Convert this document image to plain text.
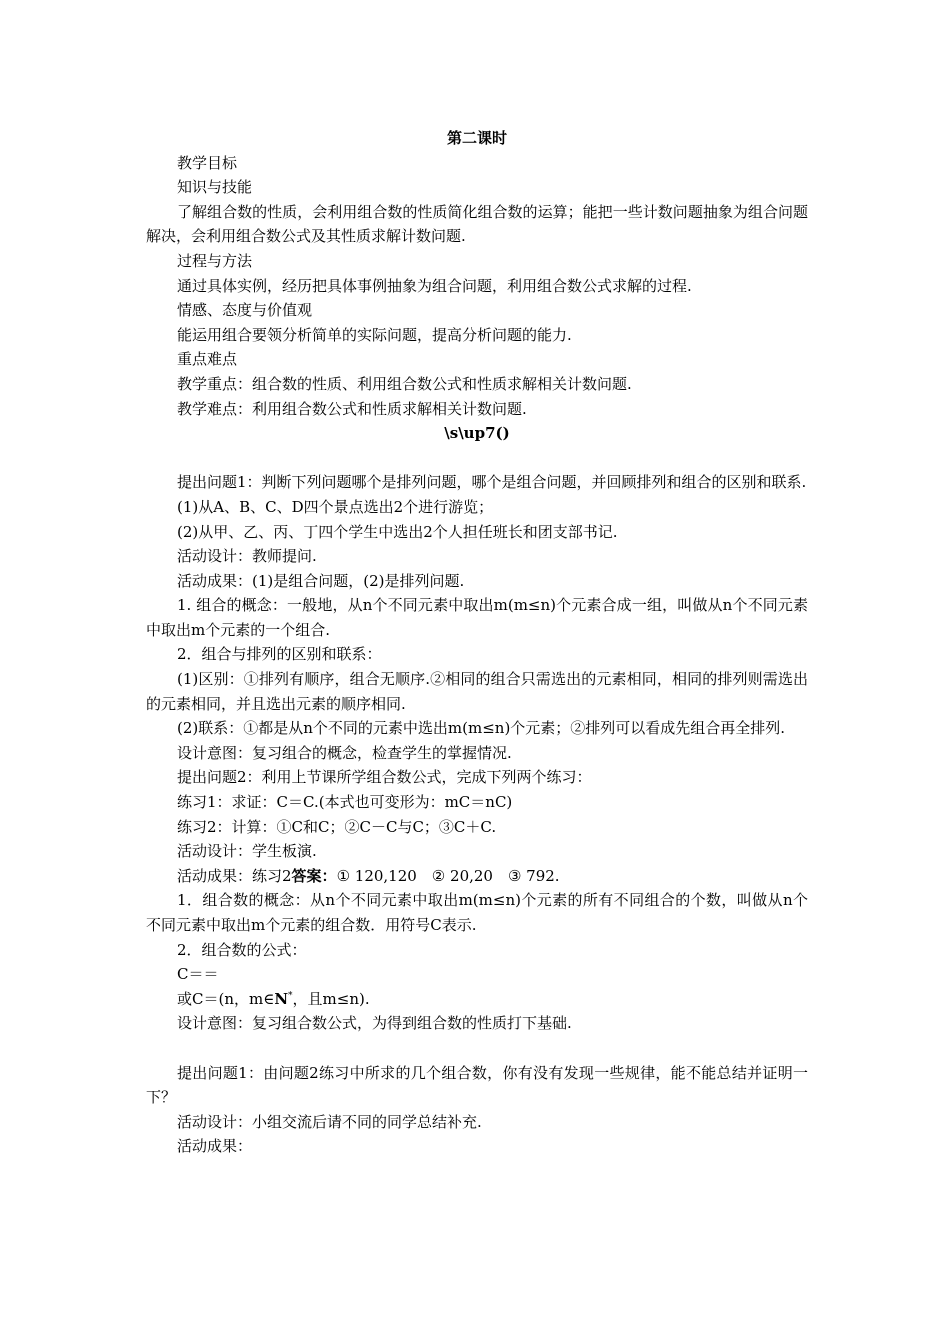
第二课时

教学目标

知识与技能

了解组合数的性质，会利用组合数的性质简化组合数的运算；能把一些计数问题抽象为组合问题解决，会利用组合数公式及其性质求解计数问题.

过程与方法

通过具体实例，经历把具体事例抽象为组合问题，利用组合数公式求解的过程.

情感、态度与价值观

能运用组合要领分析简单的实际问题，提高分析问题的能力.

重点难点

教学重点：组合数的性质、利用组合数公式和性质求解相关计数问题.

教学难点：利用组合数公式和性质求解相关计数问题.

\s\up7()

提出问题1：判断下列问题哪个是排列问题，哪个是组合问题，并回顾排列和组合的区别和联系.

(1)从A、B、C、D四个景点选出2个进行游览；

(2)从甲、乙、丙、丁四个学生中选出2个人担任班长和团支部书记.

活动设计：教师提问.

活动成果：(1)是组合问题，(2)是排列问题.

1. 组合的概念：一般地，从n个不同元素中取出m(m≤n)个元素合成一组，叫做从n个不同元素中取出m个元素的一个组合.

2．组合与排列的区别和联系：

(1)区别：①排列有顺序，组合无顺序.②相同的组合只需选出的元素相同，相同的排列则需选出的元素相同，并且选出元素的顺序相同.

(2)联系：①都是从n个不同的元素中选出m(m≤n)个元素；②排列可以看成先组合再全排列.

设计意图：复习组合的概念，检查学生的掌握情况.

提出问题2：利用上节课所学组合数公式，完成下列两个练习：

练习1：求证：C＝C.(本式也可变形为：mC＝nC)

练习2：计算：①C和C；②C－C与C；③C＋C.

活动设计：学生板演.

活动成果：练习2答案：① 120,120　② 20,20　③ 792.

1．组合数的概念：从n个不同元素中取出m(m≤n)个元素的所有不同组合的个数，叫做从n个不同元素中取出m个元素的组合数．用符号C表示.

2．组合数的公式：

C＝＝

或C＝(n，m∈N*，且m≤n).

设计意图：复习组合数公式，为得到组合数的性质打下基础.

提出问题1：由问题2练习中所求的几个组合数，你有没有发现一些规律，能不能总结并证明一下？

活动设计：小组交流后请不同的同学总结补充.

活动成果：
